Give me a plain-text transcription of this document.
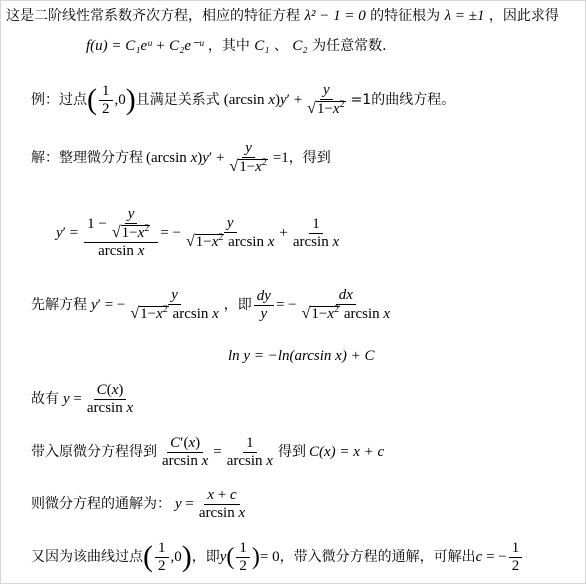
这是二阶线性常系数齐次方程，相应的特征方程 λ² − 1 = 0 的特征根为 λ = ±1 ，因此求得
f(u) = C₁eᵘ + C₂e⁻ᵘ ，其中 C₁ 、 C₂ 为任意常数.
例：过点 ( $\frac{1}{2} ,0$ ) 且满足关系式 (arcsin $x)y' + \frac{y}{√ 1-x^2} =1$的曲线方程。
解：整理微分方程 (arcsin $x)y' + \frac{y}{√ 1-x^2} =1$ ，得到
y ′ = $\frac{1 - \frac{y}{√ 1-x^2}}{\text{arcsin x}}$ = − $\frac{y}{√ 1-x^2 \arcsin x} + \frac{1}{\text{arcsin x}}$
先解方程 y′ = − $\frac{y}{√ 1-x^2 \arcsin x}$ ，即 $\frac{dy}{y}$ = − $\frac{dx}{√ 1-x^2 \arcsin x}$
ln y = −ln(arcsin x) + C
故有 $y = \frac{C(x)}{\text{arcsin x}}$
带入原微分方程得到 $\frac{C'(x)}{\text{arcsin x}} = \frac{1}{\text{arcsin x}}$ 得到 C(x) = x + c
则微分方程的通解为： $y = \frac{x + c}{\text{arcsin x}}$
又因为该曲线过点 ( $\frac{1}{2} ,0$ ) ，即 y ( $\frac{1}{2}$ ) = 0 ，带入微分方程的通解，可解出 c = − $\frac{1}{2}$
